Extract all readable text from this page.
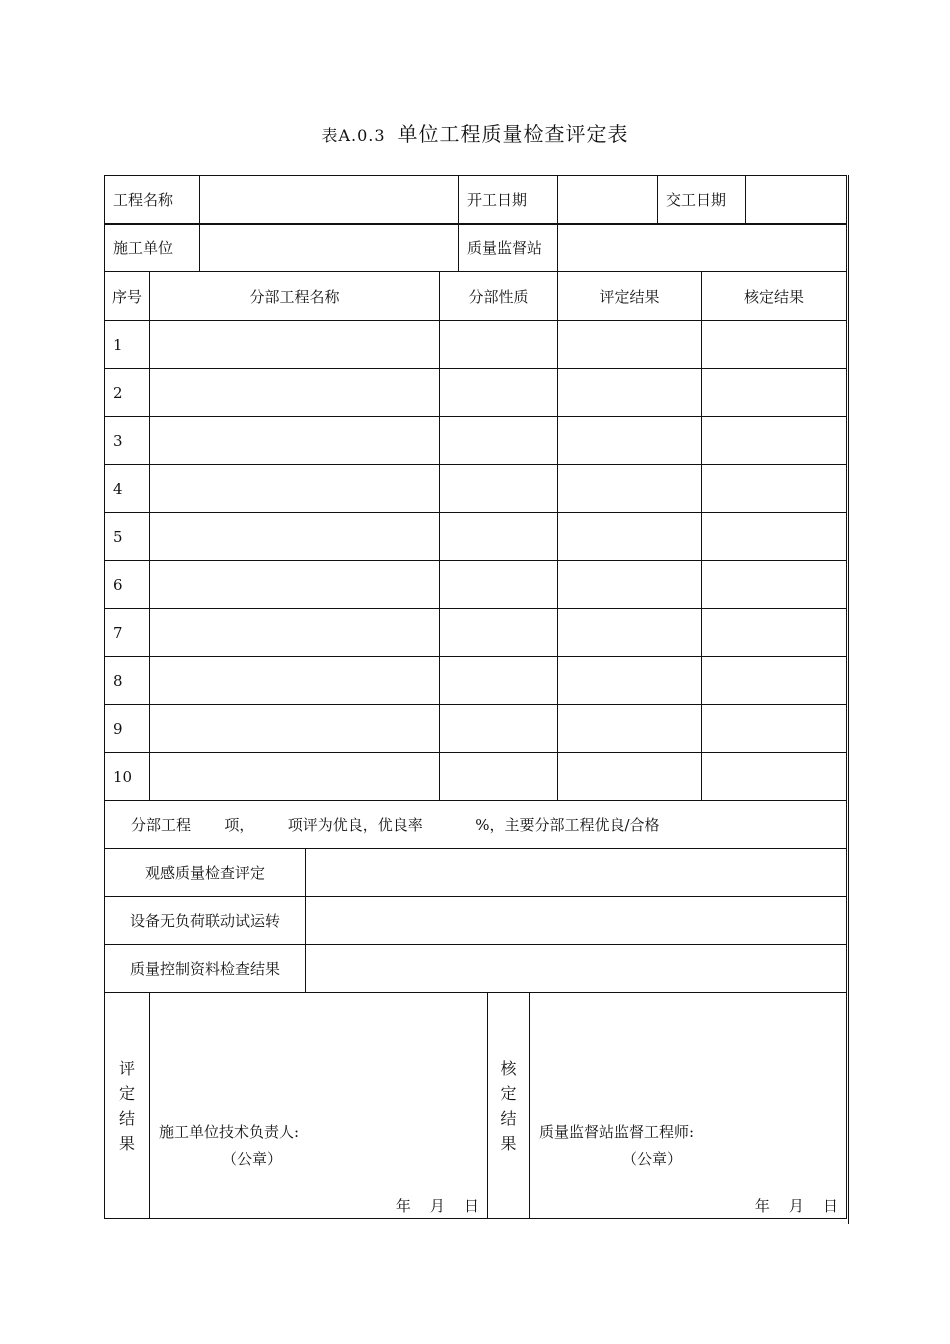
表A.0.3 单位工程质量检查评定表
工程名称		开工日期		交工日期	
施工单位		质量监督站			
序号	分部工程名称	分部性质	评定结果	核定结果
1				
2				
3				
4				
5				
6				
7				
8				
9				
10				
分部工程       项，       项评为优良，优良率           %，主要分部工程优良/合格	
观感质量检查评定	
设备无负荷联动试运转	
质量控制资料检查结果	
评
定
结
果

施工单位技术负责人:
（公章）
年    月    日

核
定
结
果

质量监督站监督工程师:
（公章）
年    月    日
